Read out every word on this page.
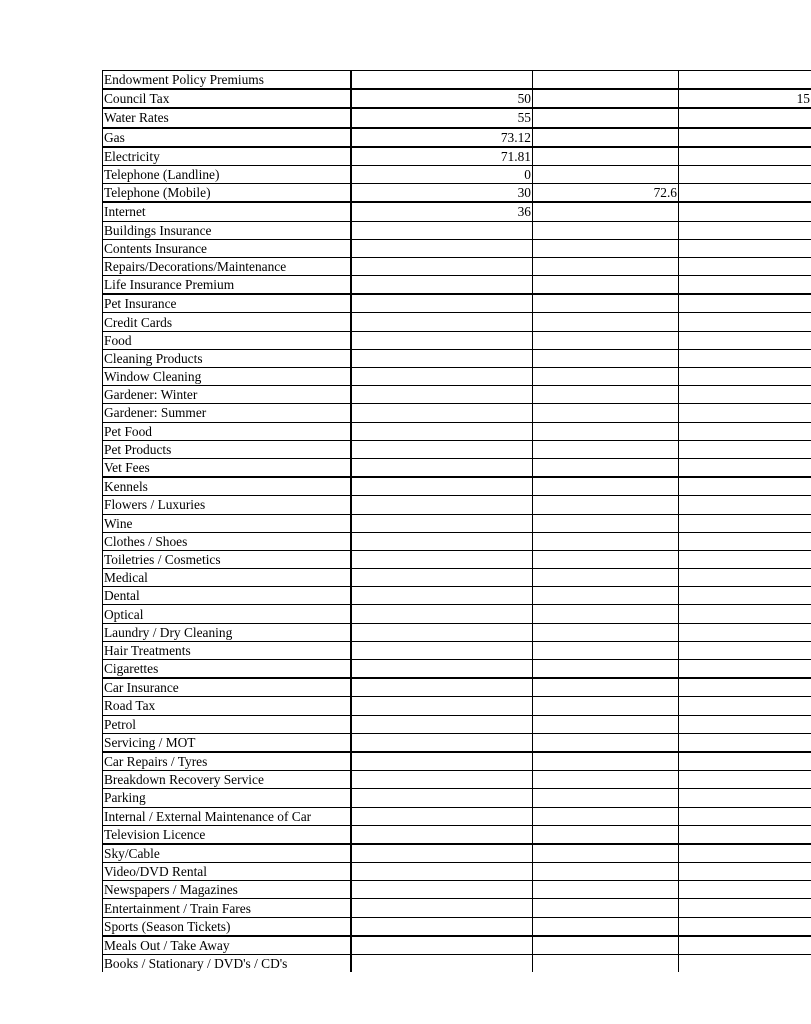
Endowment Policy Premiums			
Council Tax	50		15
Water Rates	55		
Gas	73.12		
Electricity	71.81		
Telephone (Landline)	0		
Telephone (Mobile)	30	72.6	
Internet	36		
Buildings Insurance			
Contents Insurance			
Repairs/Decorations/Maintenance			
Life Insurance Premium			
Pet Insurance			
Credit Cards			
Food			
Cleaning Products			
Window Cleaning			
Gardener: Winter			
Gardener: Summer			
Pet Food			
Pet Products			
Vet Fees			
Kennels			
Flowers / Luxuries			
Wine			
Clothes / Shoes			
Toiletries / Cosmetics			
Medical			
Dental			
Optical			
Laundry / Dry Cleaning			
Hair Treatments			
Cigarettes			
Car Insurance			
Road Tax			
Petrol			
Servicing / MOT			
Car Repairs / Tyres			
Breakdown Recovery Service			
Parking			
Internal / External Maintenance of Car			
Television Licence			
Sky/Cable			
Video/DVD Rental			
Newspapers / Magazines			
Entertainment / Train Fares			
Sports (Season Tickets)			
Meals Out / Take Away			
Books / Stationary / DVD's / CD's			
